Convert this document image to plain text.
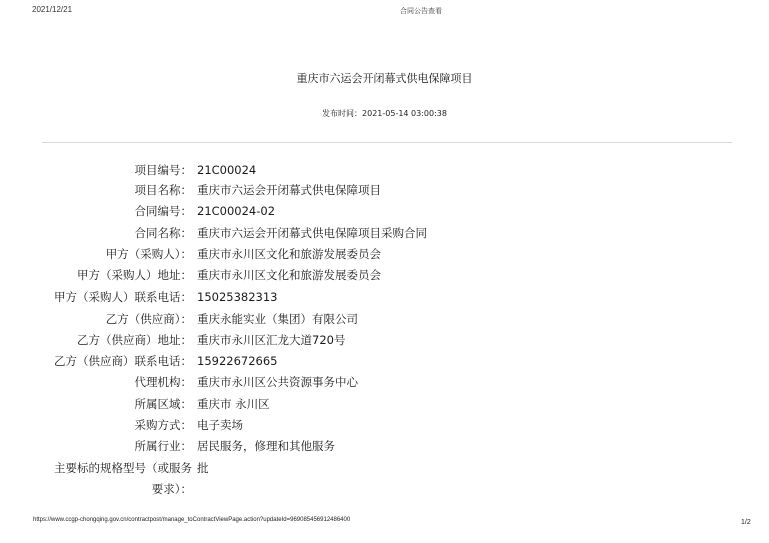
2021/12/21	合同公告查看
重庆市六运会开闭幕式供电保障项目
发布时间：2021-05-14 03:00:38
项目编号： 21C00024
项目名称： 重庆市六运会开闭幕式供电保障项目
合同编号： 21C00024-02
合同名称： 重庆市六运会开闭幕式供电保障项目采购合同
甲方（采购人）： 重庆市永川区文化和旅游发展委员会
甲方（采购人）地址： 重庆市永川区文化和旅游发展委员会
甲方（采购人）联系电话： 15025382313
乙方（供应商）： 重庆永能实业（集团）有限公司
乙方（供应商）地址： 重庆市永川区汇龙大道720号
乙方（供应商）联系电话： 15922672665
代理机构： 重庆市永川区公共资源事务中心
所属区域： 重庆市 永川区
采购方式： 电子卖场
所属行业： 居民服务，修理和其他服务
主要标的规格型号（或服务 批
要求）：
https://www.ccgp-chongqing.gov.cn/contractpost/manage_toContractViewPage.action?updateId=969085456912486400	1/2
